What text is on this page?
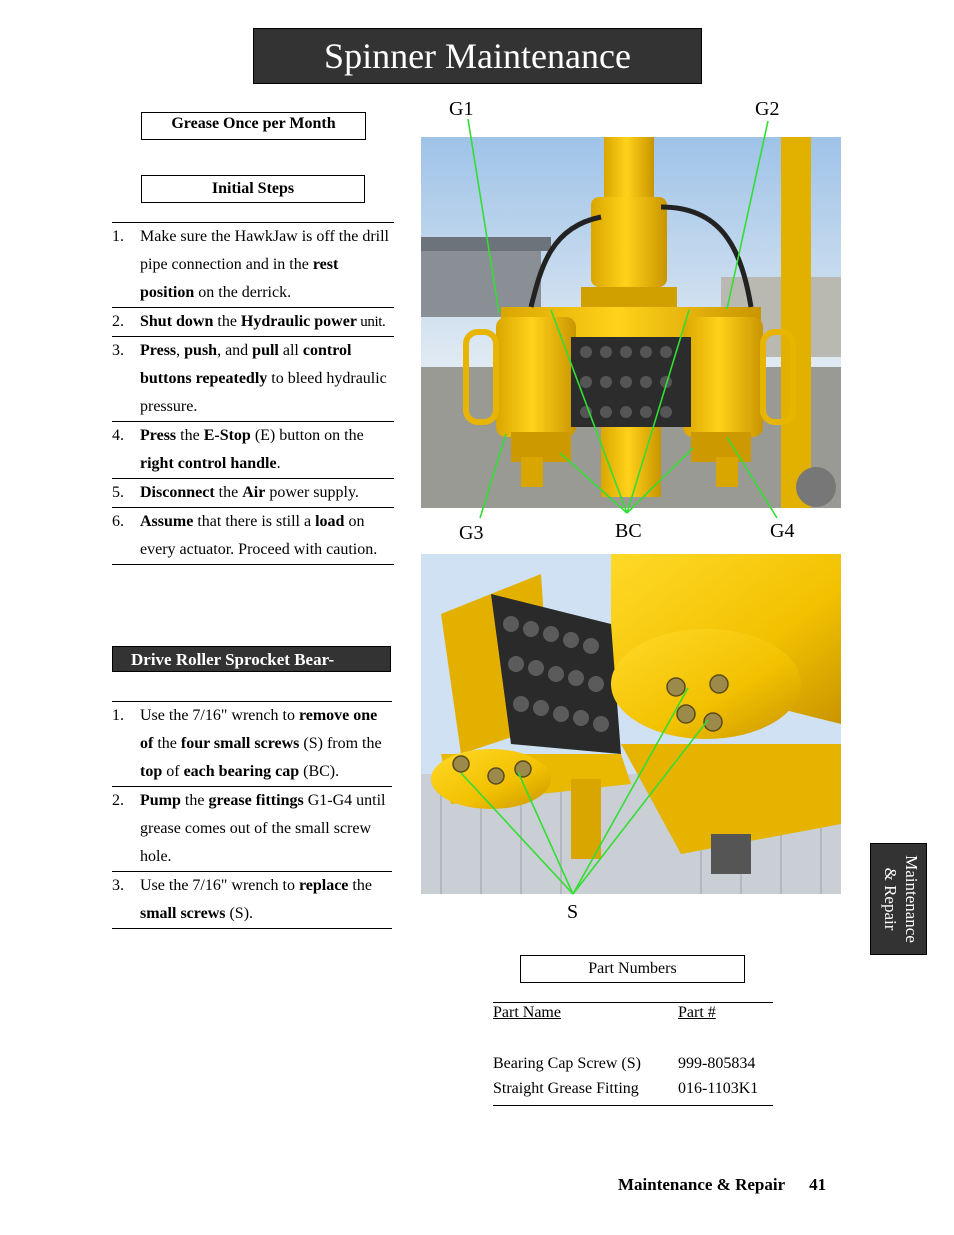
Spinner Maintenance
Grease Once per Month
Initial Steps
1.	Make sure the HawkJaw is off the drill pipe connection and in the rest position on the derrick.
2.	Shut down the Hydraulic power unit.
3.	Press, push, and pull all control buttons repeatedly to bleed hydraulic pressure.
4.	Press the E-Stop (E) button on the right control handle.
5.	Disconnect the Air power supply.
6.	Assume that there is still a load on every actuator. Proceed with caution.
Drive Roller Sprocket Bear-
1.	Use the 7/16" wrench to remove one of the four small screws (S) from the top of each bearing cap (BC).
2.	Pump the grease fittings G1-G4 until grease comes out of the small screw hole.
3.	Use the 7/16" wrench to replace the small screws (S).
G1	G2
G3	BC	G4
S
Part Numbers
Part Name	Part #
Bearing Cap Screw (S) 999-805834
Straight Grease Fitting 016-1103K1
Maintenance
& Repair
Maintenance & Repair 41
